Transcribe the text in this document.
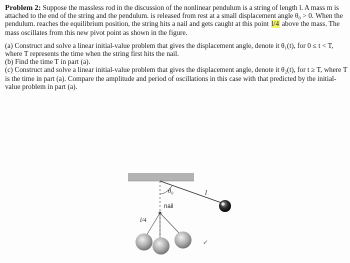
Problem 2: Suppose the massless rod in the discussion of the nonlinear pendulum is a string of length l. A mass m is attached to the end of the string and the pendulum. is released from rest at a small displacement angle θ₀ > 0. When the pendulum. reaches the equilibrium position, the string hits a nail and gets caught at this point l/4 above the mass. The mass oscillates from this new pivot point as shown in the figure.

(a) Construct and solve a linear initial-value problem that gives the displacement angle, denote it θ₁(t), for 0 ≤ t < T, where T represents the time when the string first hits the nail.

(b) Find the time T in part (a).

(c) Construct and solve a linear initial-value problem that gives the displacement angle, denote it θ₂(t), for t ≥ T, where T is the time in part (a). Compare the amplitude and period of oscillations in this case with that predicted by the initial-value problem in part (a).

θ₀	l
nail
l/4
↙
